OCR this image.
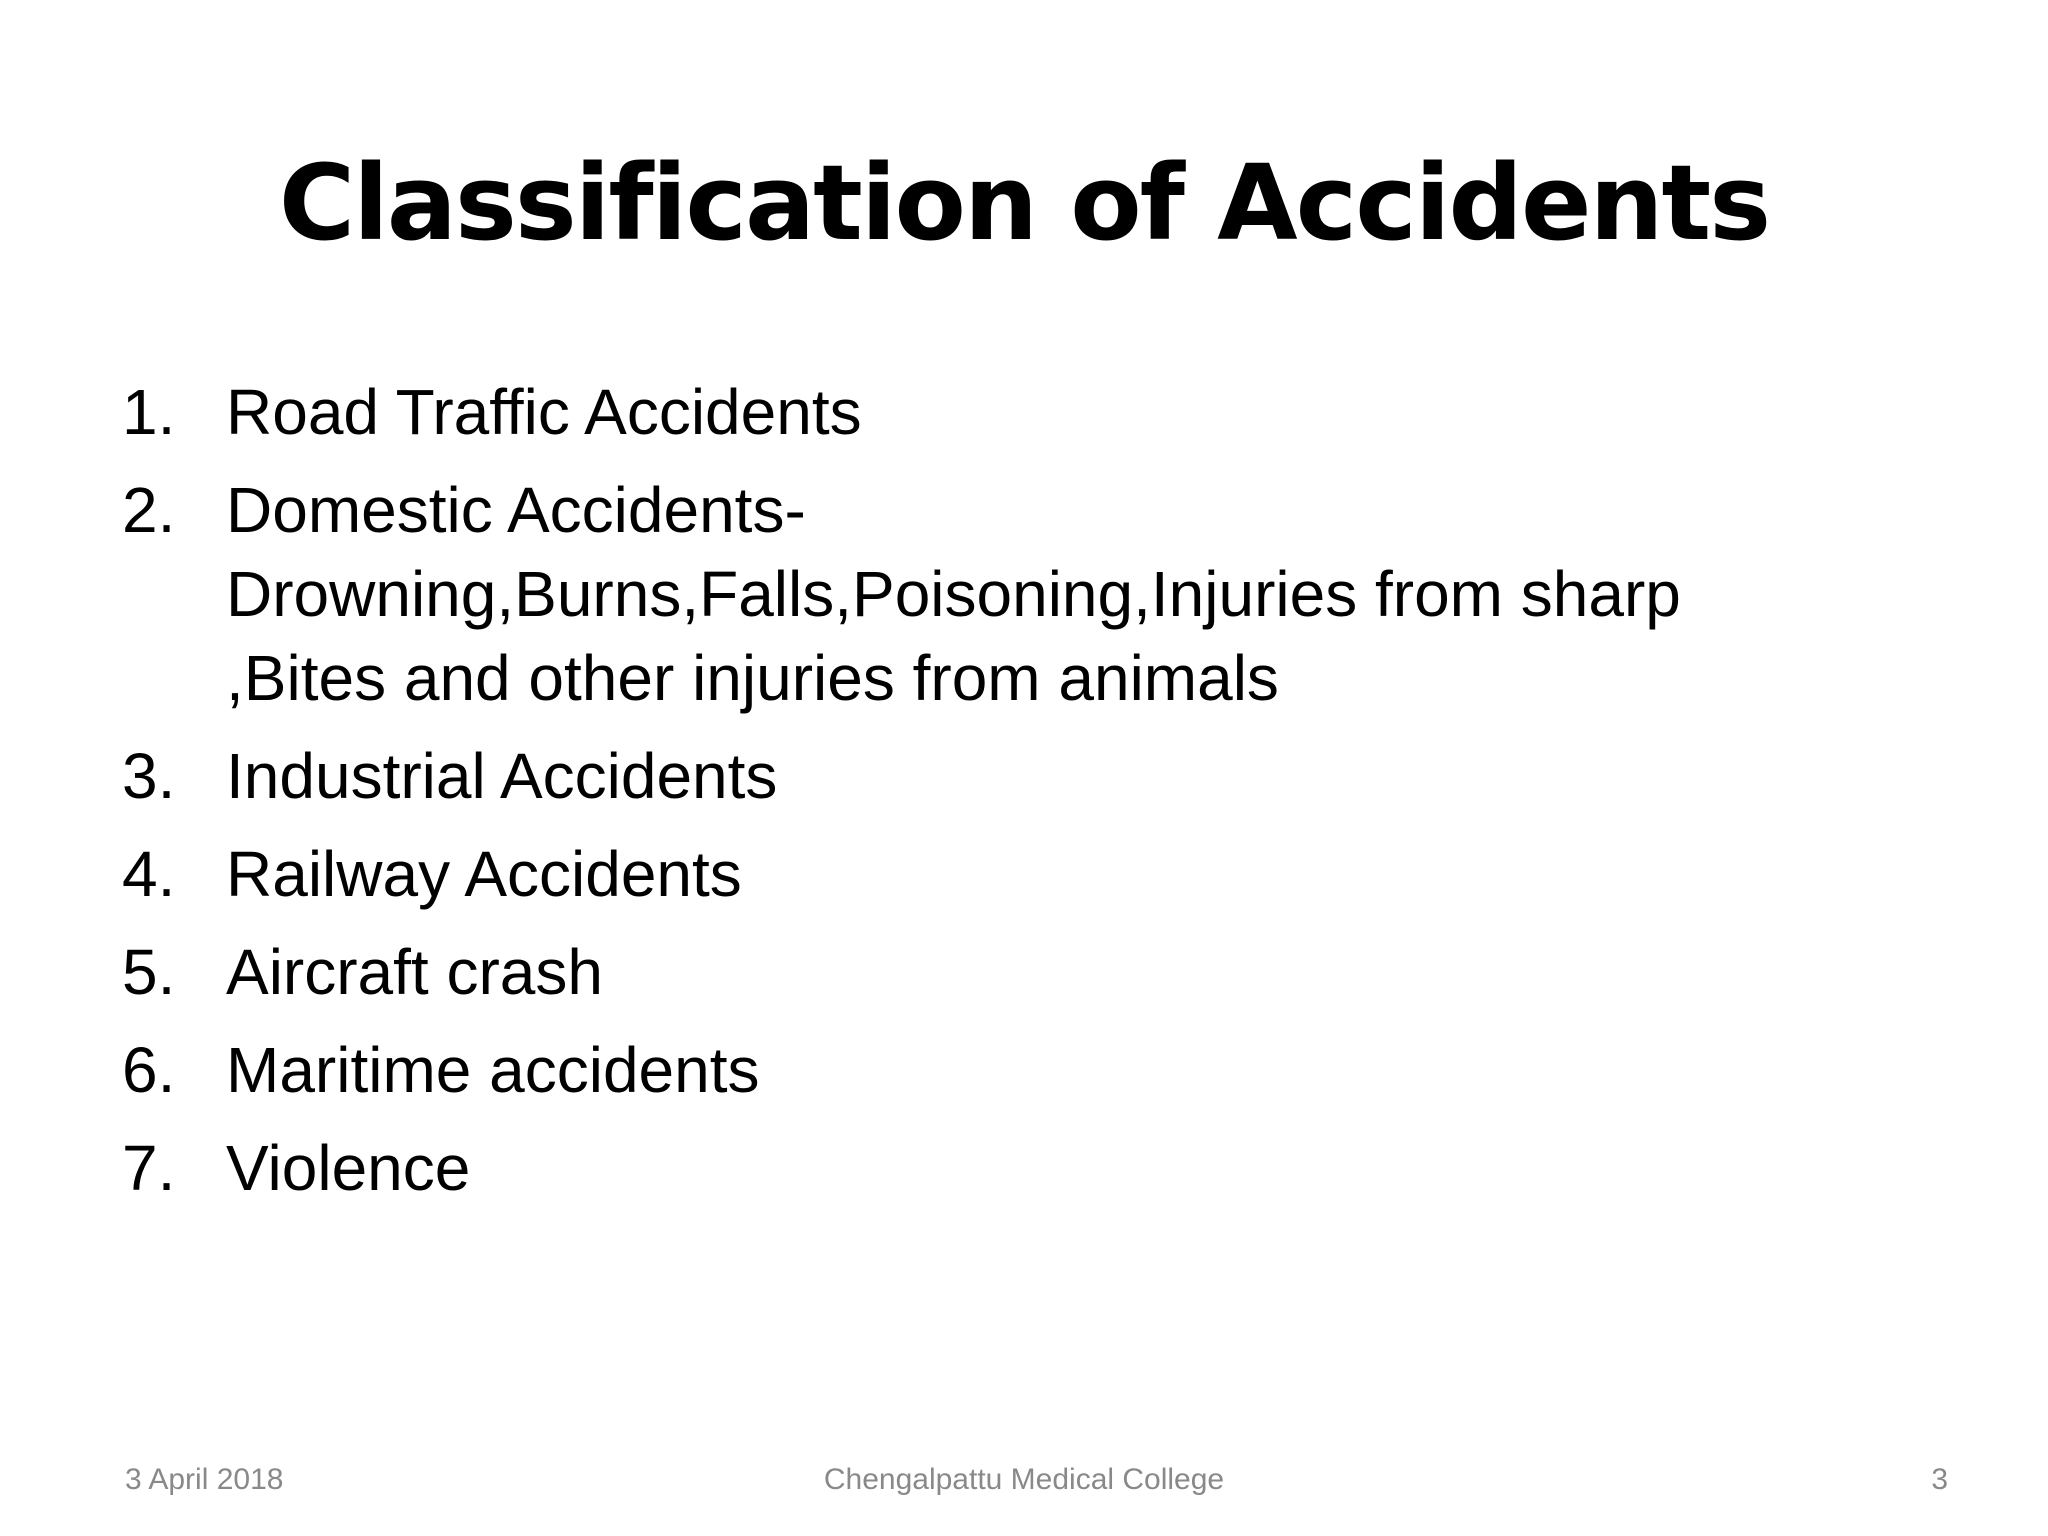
Classification of Accidents
1. Road Traffic Accidents
2. Domestic Accidents-
Drowning,Burns,Falls,Poisoning,Injuries from sharp
,Bites and other injuries from animals
3. Industrial Accidents
4. Railway Accidents
5. Aircraft crash
6. Maritime accidents
7. Violence
3 April 2018	Chengalpattu Medical College	3
